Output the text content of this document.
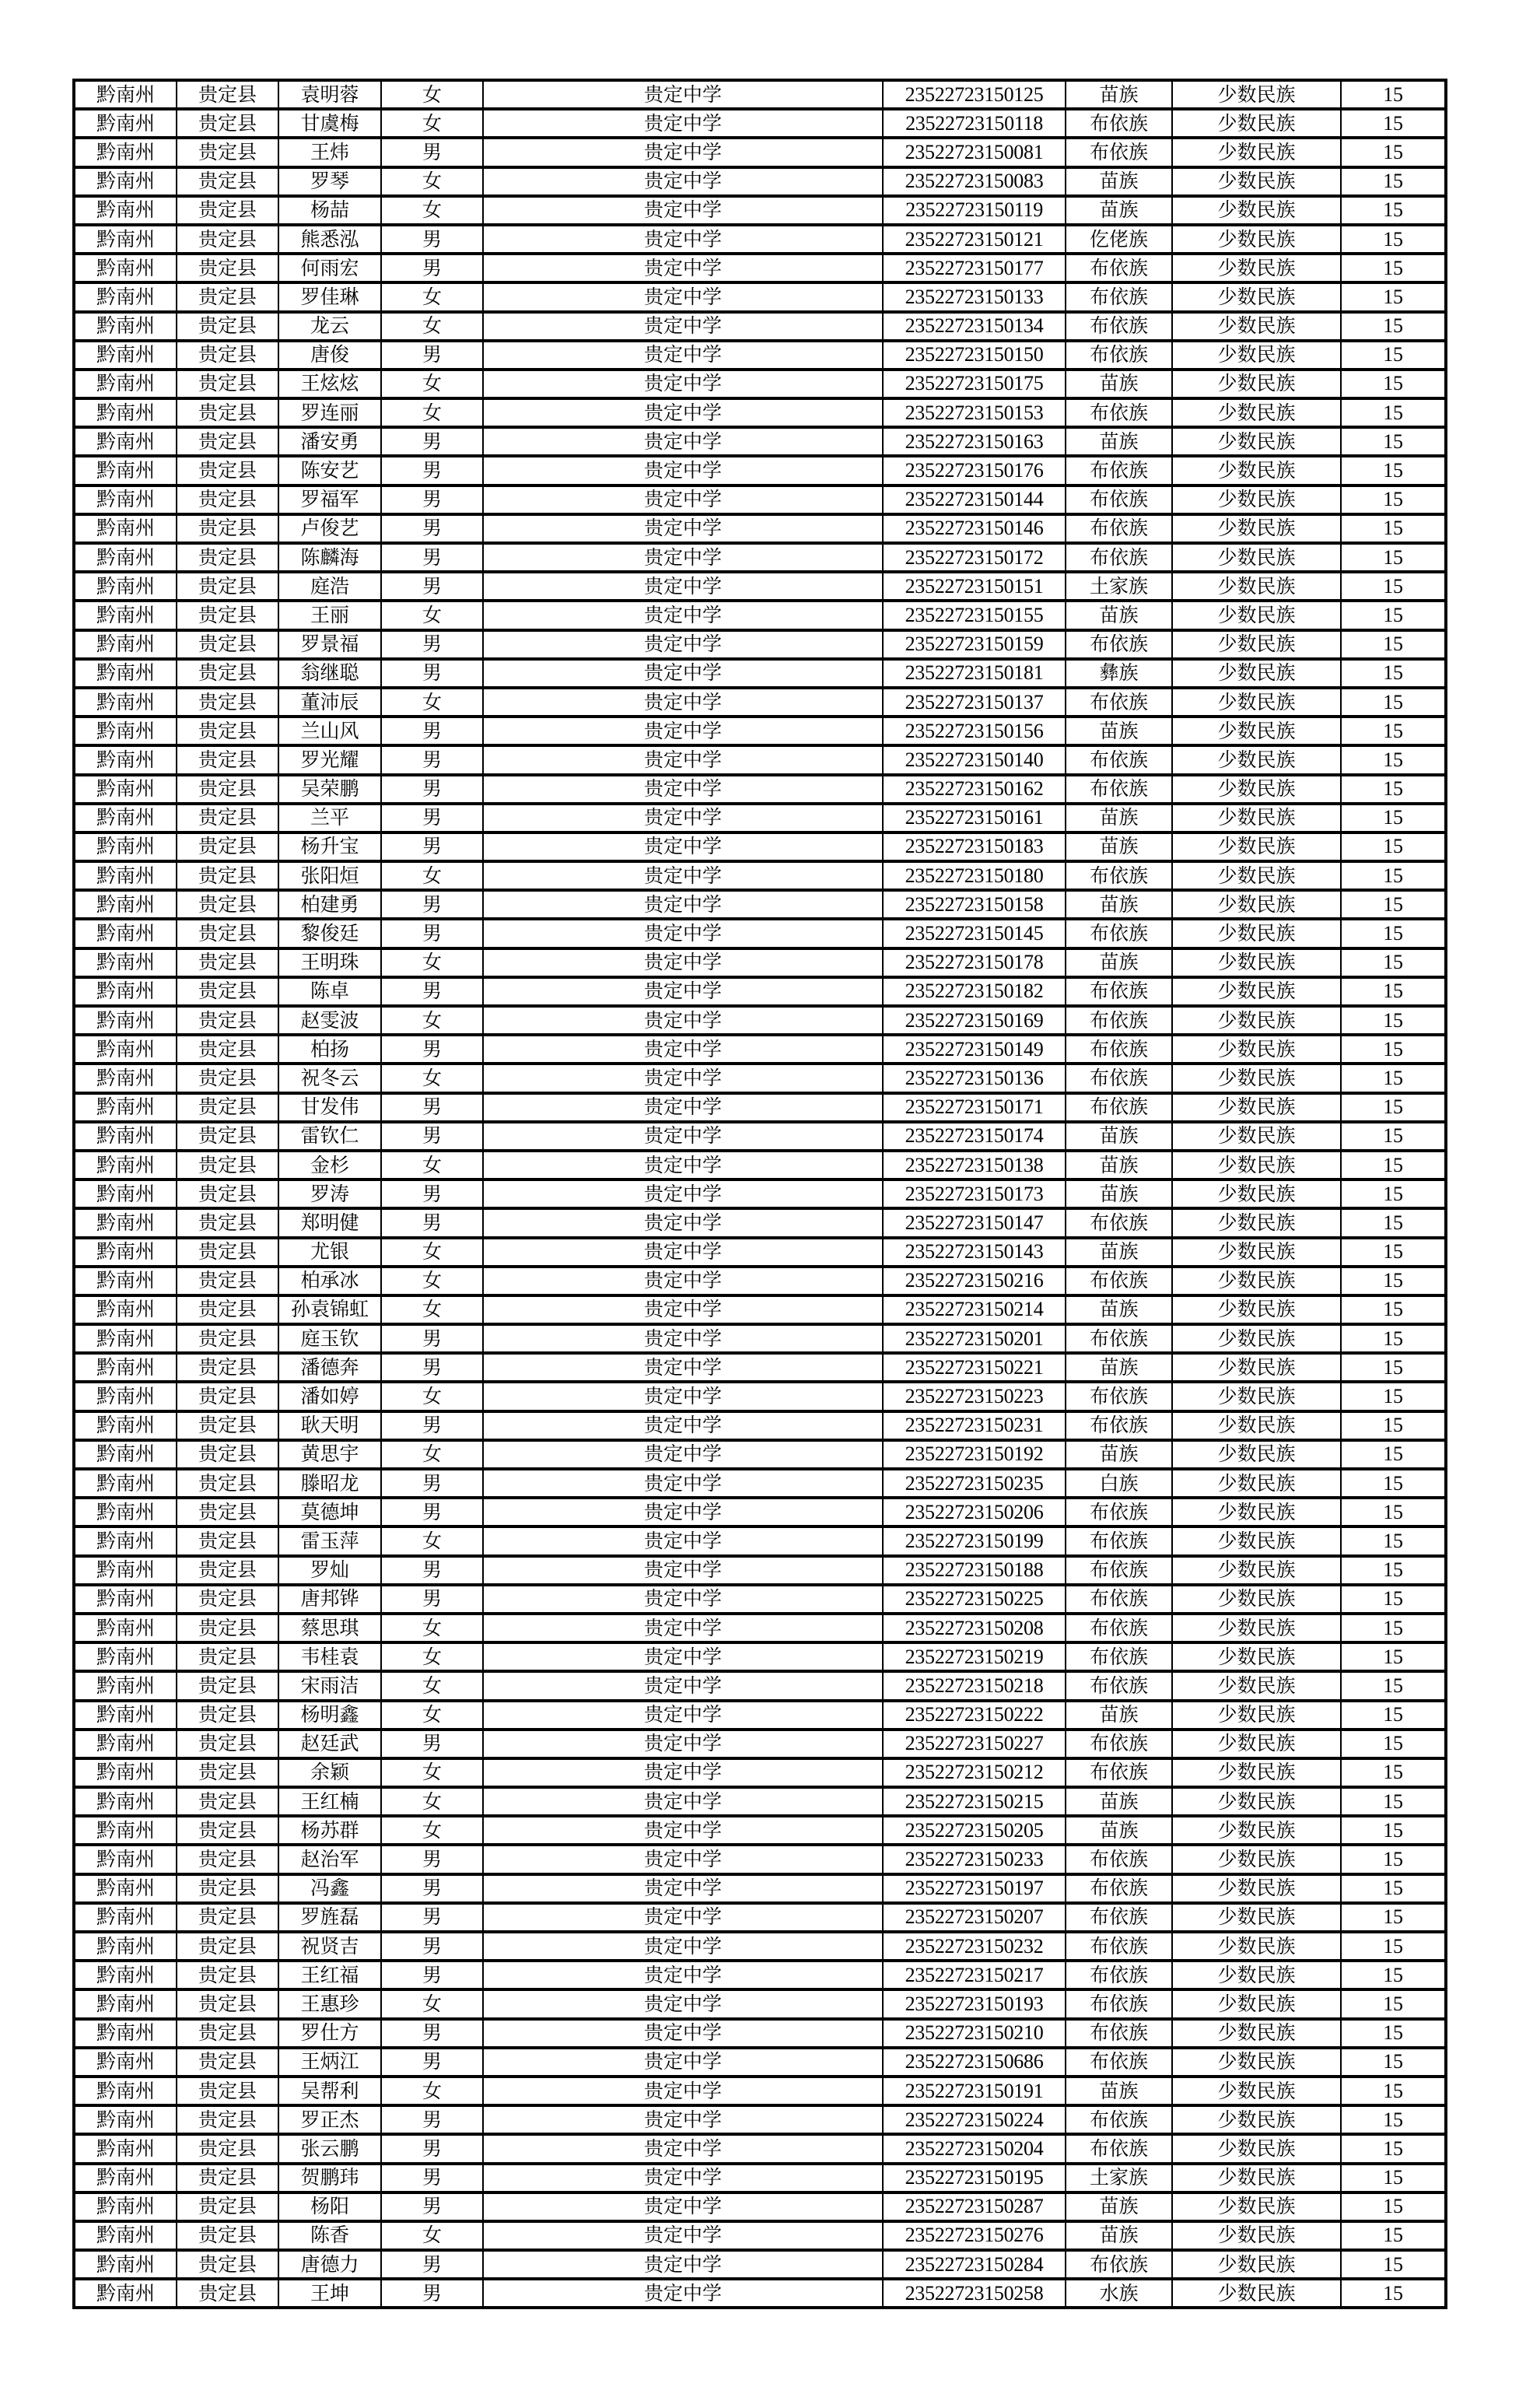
黔南州	贵定县	袁明蓉	女	贵定中学	23522723150125	苗族	少数民族	15
黔南州	贵定县	甘虞梅	女	贵定中学	23522723150118	布依族	少数民族	15
黔南州	贵定县	王炜	男	贵定中学	23522723150081	布依族	少数民族	15
黔南州	贵定县	罗琴	女	贵定中学	23522723150083	苗族	少数民族	15
黔南州	贵定县	杨喆	女	贵定中学	23522723150119	苗族	少数民族	15
黔南州	贵定县	熊悉泓	男	贵定中学	23522723150121	仡佬族	少数民族	15
黔南州	贵定县	何雨宏	男	贵定中学	23522723150177	布依族	少数民族	15
黔南州	贵定县	罗佳琳	女	贵定中学	23522723150133	布依族	少数民族	15
黔南州	贵定县	龙云	女	贵定中学	23522723150134	布依族	少数民族	15
黔南州	贵定县	唐俊	男	贵定中学	23522723150150	布依族	少数民族	15
黔南州	贵定县	王炫炫	女	贵定中学	23522723150175	苗族	少数民族	15
黔南州	贵定县	罗连丽	女	贵定中学	23522723150153	布依族	少数民族	15
黔南州	贵定县	潘安勇	男	贵定中学	23522723150163	苗族	少数民族	15
黔南州	贵定县	陈安艺	男	贵定中学	23522723150176	布依族	少数民族	15
黔南州	贵定县	罗福军	男	贵定中学	23522723150144	布依族	少数民族	15
黔南州	贵定县	卢俊艺	男	贵定中学	23522723150146	布依族	少数民族	15
黔南州	贵定县	陈麟海	男	贵定中学	23522723150172	布依族	少数民族	15
黔南州	贵定县	庭浩	男	贵定中学	23522723150151	土家族	少数民族	15
黔南州	贵定县	王丽	女	贵定中学	23522723150155	苗族	少数民族	15
黔南州	贵定县	罗景福	男	贵定中学	23522723150159	布依族	少数民族	15
黔南州	贵定县	翁继聪	男	贵定中学	23522723150181	彝族	少数民族	15
黔南州	贵定县	董沛辰	女	贵定中学	23522723150137	布依族	少数民族	15
黔南州	贵定县	兰山风	男	贵定中学	23522723150156	苗族	少数民族	15
黔南州	贵定县	罗光耀	男	贵定中学	23522723150140	布依族	少数民族	15
黔南州	贵定县	吴荣鹏	男	贵定中学	23522723150162	布依族	少数民族	15
黔南州	贵定县	兰平	男	贵定中学	23522723150161	苗族	少数民族	15
黔南州	贵定县	杨升宝	男	贵定中学	23522723150183	苗族	少数民族	15
黔南州	贵定县	张阳烜	女	贵定中学	23522723150180	布依族	少数民族	15
黔南州	贵定县	柏建勇	男	贵定中学	23522723150158	苗族	少数民族	15
黔南州	贵定县	黎俊廷	男	贵定中学	23522723150145	布依族	少数民族	15
黔南州	贵定县	王明珠	女	贵定中学	23522723150178	苗族	少数民族	15
黔南州	贵定县	陈卓	男	贵定中学	23522723150182	布依族	少数民族	15
黔南州	贵定县	赵雯波	女	贵定中学	23522723150169	布依族	少数民族	15
黔南州	贵定县	柏扬	男	贵定中学	23522723150149	布依族	少数民族	15
黔南州	贵定县	祝冬云	女	贵定中学	23522723150136	布依族	少数民族	15
黔南州	贵定县	甘发伟	男	贵定中学	23522723150171	布依族	少数民族	15
黔南州	贵定县	雷钦仁	男	贵定中学	23522723150174	苗族	少数民族	15
黔南州	贵定县	金杉	女	贵定中学	23522723150138	苗族	少数民族	15
黔南州	贵定县	罗涛	男	贵定中学	23522723150173	苗族	少数民族	15
黔南州	贵定县	郑明健	男	贵定中学	23522723150147	布依族	少数民族	15
黔南州	贵定县	尤银	女	贵定中学	23522723150143	苗族	少数民族	15
黔南州	贵定县	柏承冰	女	贵定中学	23522723150216	布依族	少数民族	15
黔南州	贵定县	孙袁锦虹	女	贵定中学	23522723150214	苗族	少数民族	15
黔南州	贵定县	庭玉钦	男	贵定中学	23522723150201	布依族	少数民族	15
黔南州	贵定县	潘德奔	男	贵定中学	23522723150221	苗族	少数民族	15
黔南州	贵定县	潘如婷	女	贵定中学	23522723150223	布依族	少数民族	15
黔南州	贵定县	耿天明	男	贵定中学	23522723150231	布依族	少数民族	15
黔南州	贵定县	黄思宇	女	贵定中学	23522723150192	苗族	少数民族	15
黔南州	贵定县	滕昭龙	男	贵定中学	23522723150235	白族	少数民族	15
黔南州	贵定县	莫德坤	男	贵定中学	23522723150206	布依族	少数民族	15
黔南州	贵定县	雷玉萍	女	贵定中学	23522723150199	布依族	少数民族	15
黔南州	贵定县	罗灿	男	贵定中学	23522723150188	布依族	少数民族	15
黔南州	贵定县	唐邦铧	男	贵定中学	23522723150225	布依族	少数民族	15
黔南州	贵定县	蔡思琪	女	贵定中学	23522723150208	布依族	少数民族	15
黔南州	贵定县	韦桂袁	女	贵定中学	23522723150219	布依族	少数民族	15
黔南州	贵定县	宋雨洁	女	贵定中学	23522723150218	布依族	少数民族	15
黔南州	贵定县	杨明鑫	女	贵定中学	23522723150222	苗族	少数民族	15
黔南州	贵定县	赵廷武	男	贵定中学	23522723150227	布依族	少数民族	15
黔南州	贵定县	余颖	女	贵定中学	23522723150212	布依族	少数民族	15
黔南州	贵定县	王红楠	女	贵定中学	23522723150215	苗族	少数民族	15
黔南州	贵定县	杨苏群	女	贵定中学	23522723150205	苗族	少数民族	15
黔南州	贵定县	赵治军	男	贵定中学	23522723150233	布依族	少数民族	15
黔南州	贵定县	冯鑫	男	贵定中学	23522723150197	布依族	少数民族	15
黔南州	贵定县	罗旌磊	男	贵定中学	23522723150207	布依族	少数民族	15
黔南州	贵定县	祝贤吉	男	贵定中学	23522723150232	布依族	少数民族	15
黔南州	贵定县	王红福	男	贵定中学	23522723150217	布依族	少数民族	15
黔南州	贵定县	王惠珍	女	贵定中学	23522723150193	布依族	少数民族	15
黔南州	贵定县	罗仕方	男	贵定中学	23522723150210	布依族	少数民族	15
黔南州	贵定县	王炳江	男	贵定中学	23522723150686	布依族	少数民族	15
黔南州	贵定县	吴帮利	女	贵定中学	23522723150191	苗族	少数民族	15
黔南州	贵定县	罗正杰	男	贵定中学	23522723150224	布依族	少数民族	15
黔南州	贵定县	张云鹏	男	贵定中学	23522723150204	布依族	少数民族	15
黔南州	贵定县	贺鹏玮	男	贵定中学	23522723150195	土家族	少数民族	15
黔南州	贵定县	杨阳	男	贵定中学	23522723150287	苗族	少数民族	15
黔南州	贵定县	陈香	女	贵定中学	23522723150276	苗族	少数民族	15
黔南州	贵定县	唐德力	男	贵定中学	23522723150284	布依族	少数民族	15
黔南州	贵定县	王坤	男	贵定中学	23522723150258	水族	少数民族	15
